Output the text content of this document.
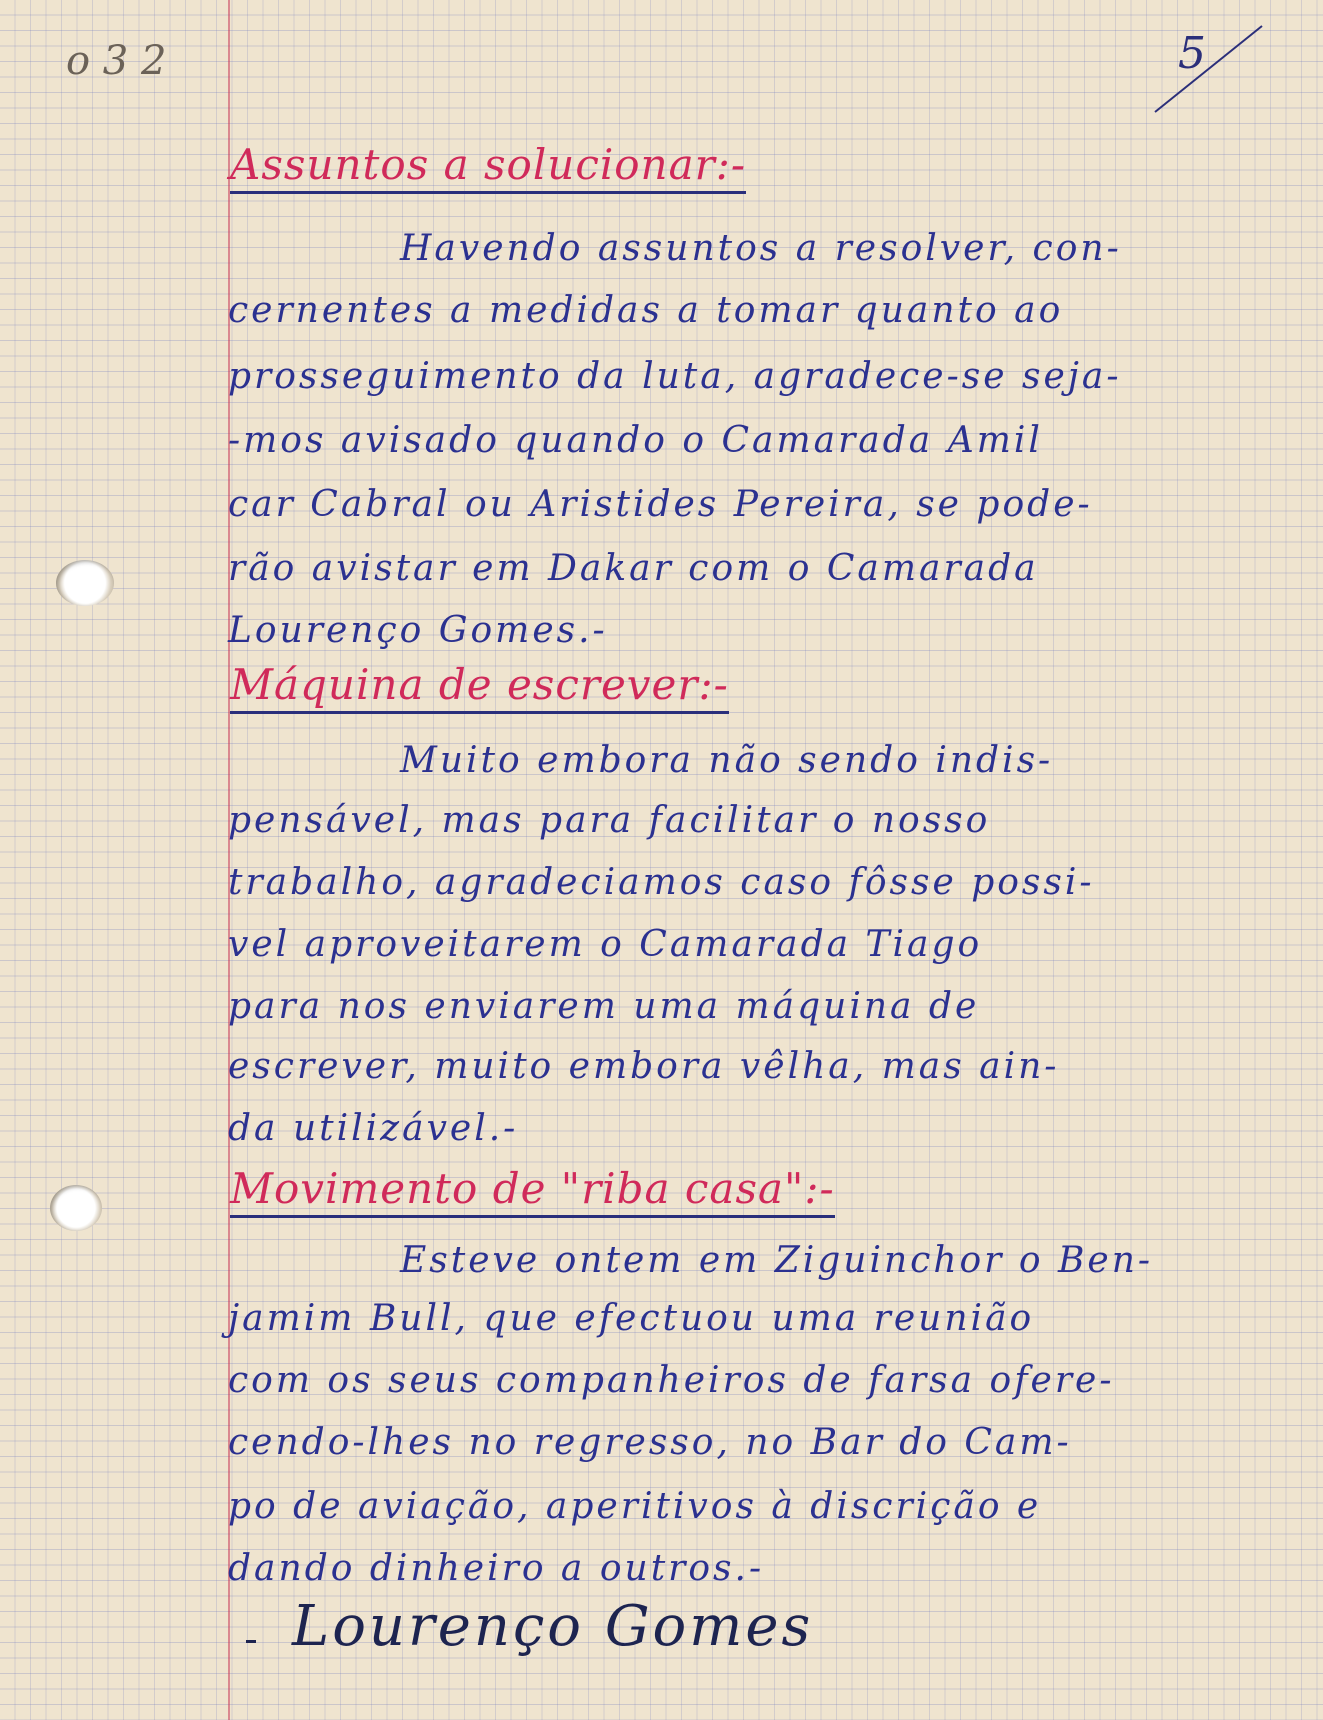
o 3 2	5
Assuntos a solucionar:-
Havendo assuntos a resolver, con-
cernentes a medidas a tomar quanto ao
prosseguimento da luta, agradece-se seja-
-mos avisado quando o Camarada Amil
car Cabral ou Aristides Pereira, se pode-
rão avistar em Dakar com o Camarada
Lourenço Gomes.-
Máquina de escrever:-
Muito embora não sendo indis-
pensável, mas para facilitar o nosso
trabalho, agradeciamos caso fôsse possi-
vel aproveitarem o Camarada Tiago
para nos enviarem uma máquina de
escrever, muito embora vêlha, mas ain-
da utilizável.-
Movimento de "riba casa":-
Esteve ontem em Ziguinchor o Ben-
jamim Bull, que efectuou uma reunião
com os seus companheiros de farsa ofere-
cendo-lhes no regresso, no Bar do Cam-
po de aviação, aperitivos à discrição e
dando dinheiro a outros.-
Lourenço Gomes
